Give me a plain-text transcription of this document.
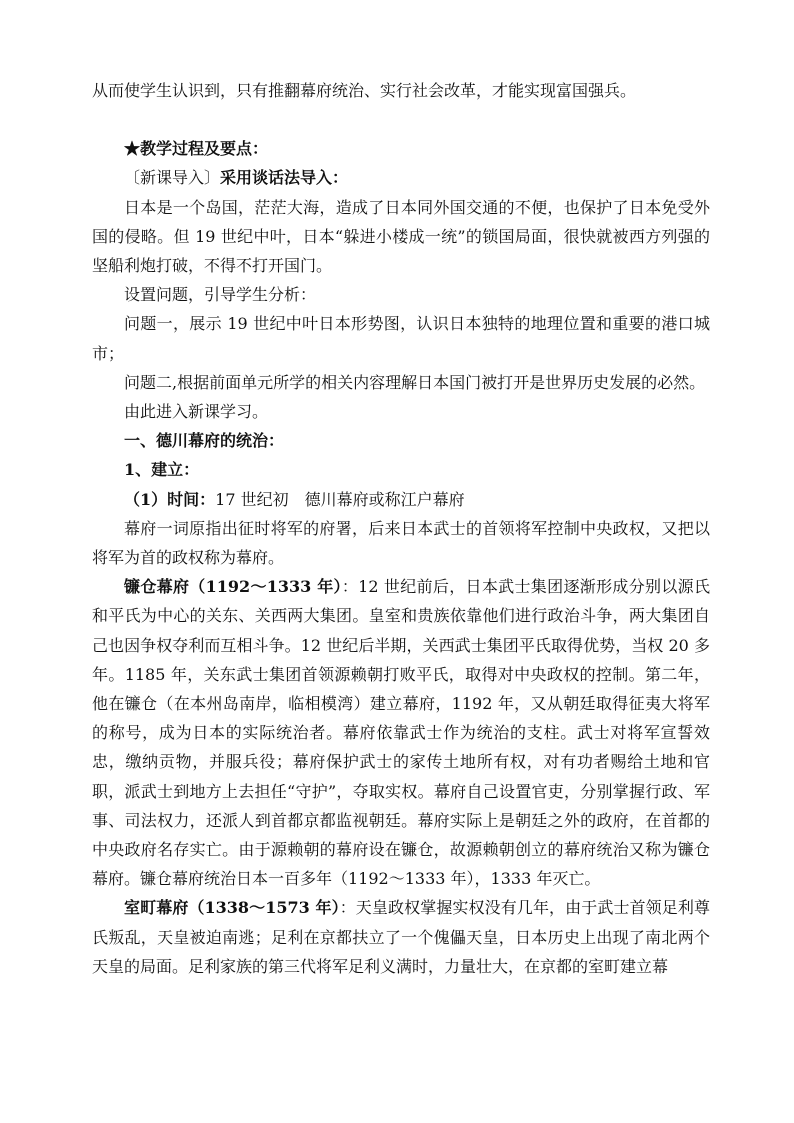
从而使学生认识到，只有推翻幕府统治、实行社会改革，才能实现富国强兵。

★教学过程及要点：

〔新课导入〕采用谈话法导入：

日本是一个岛国，茫茫大海，造成了日本同外国交通的不便，也保护了日本免受外国的侵略。但 19 世纪中叶，日本“躲进小楼成一统”的锁国局面，很快就被西方列强的坚船利炮打破，不得不打开国门。

设置问题，引导学生分析：

问题一，展示 19 世纪中叶日本形势图，认识日本独特的地理位置和重要的港口城市；

问题二,根据前面单元所学的相关内容理解日本国门被打开是世界历史发展的必然。

由此进入新课学习。

一、德川幕府的统治：

1、建立：

（1）时间：17 世纪初　德川幕府或称江户幕府

幕府一词原指出征时将军的府署，后来日本武士的首领将军控制中央政权，又把以将军为首的政权称为幕府。

镰仓幕府（1192～1333 年）：12 世纪前后，日本武士集团逐渐形成分别以源氏和平氏为中心的关东、关西两大集团。皇室和贵族依靠他们进行政治斗争，两大集团自己也因争权夺利而互相斗争。12 世纪后半期，关西武士集团平氏取得优势，当权 20 多年。1185 年，关东武士集团首领源赖朝打败平氏，取得对中央政权的控制。第二年，他在镰仓（在本州岛南岸，临相模湾）建立幕府，1192 年，又从朝廷取得征夷大将军的称号，成为日本的实际统治者。幕府依靠武士作为统治的支柱。武士对将军宣誓效忠，缴纳贡物，并服兵役；幕府保护武士的家传土地所有权，对有功者赐给土地和官职，派武士到地方上去担任“守护”，夺取实权。幕府自己设置官吏，分别掌握行政、军事、司法权力，还派人到首都京都监视朝廷。幕府实际上是朝廷之外的政府，在首都的中央政府名存实亡。由于源赖朝的幕府设在镰仓，故源赖朝创立的幕府统治又称为镰仓幕府。镰仓幕府统治日本一百多年（1192～1333 年），1333 年灭亡。

室町幕府（1338～1573 年）：天皇政权掌握实权没有几年，由于武士首领足利尊氏叛乱，天皇被迫南逃；足利在京都扶立了一个傀儡天皇，日本历史上出现了南北两个天皇的局面。足利家族的第三代将军足利义满时，力量壮大，在京都的室町建立幕
